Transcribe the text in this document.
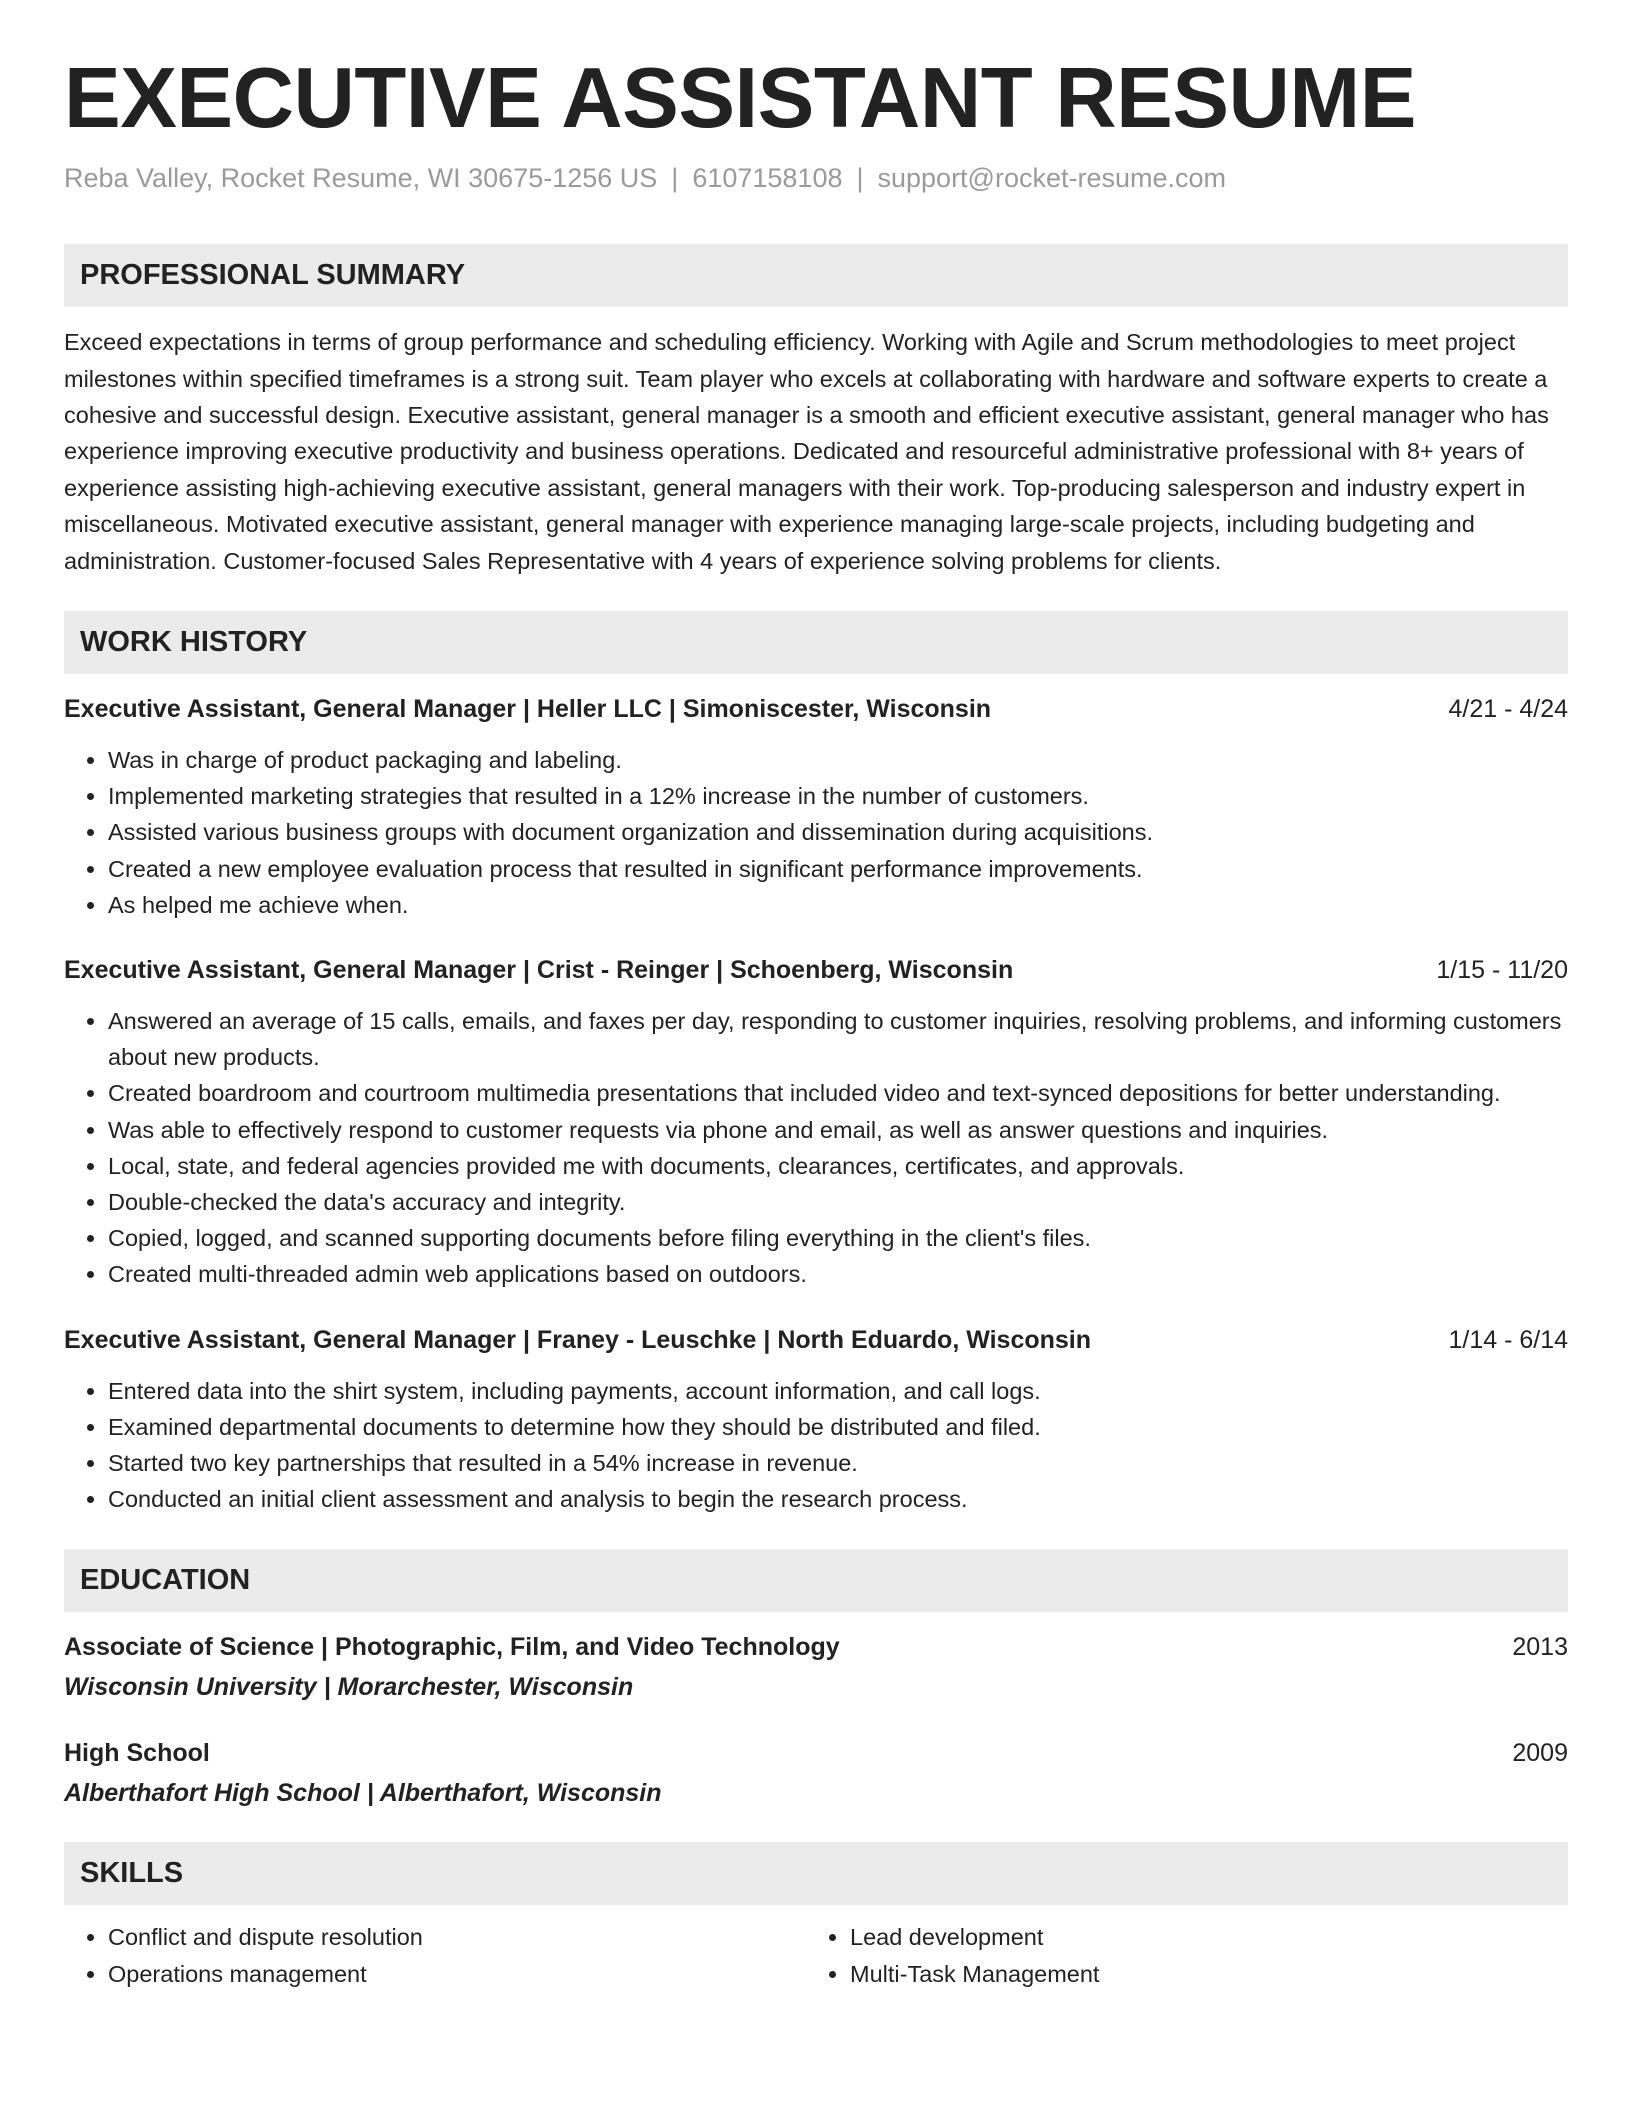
EXECUTIVE ASSISTANT RESUME
Reba Valley, Rocket Resume, WI 30675-1256 US | 6107158108 | support@rocket-resume.com
PROFESSIONAL SUMMARY

Exceed expectations in terms of group performance and scheduling efficiency. Working with Agile and Scrum methodologies to meet project milestones within specified timeframes is a strong suit. Team player who excels at collaborating with hardware and software experts to create a cohesive and successful design. Executive assistant, general manager is a smooth and efficient executive assistant, general manager who has experience improving executive productivity and business operations. Dedicated and resourceful administrative professional with 8+ years of experience assisting high-achieving executive assistant, general managers with their work. Top-producing salesperson and industry expert in miscellaneous. Motivated executive assistant, general manager with experience managing large-scale projects, including budgeting and administration. Customer-focused Sales Representative with 4 years of experience solving problems for clients.

WORK HISTORY
Executive Assistant, General Manager | Heller LLC | Simoniscester, Wisconsin	4/21 - 4/24
• Was in charge of product packaging and labeling.
• Implemented marketing strategies that resulted in a 12% increase in the number of customers.
• Assisted various business groups with document organization and dissemination during acquisitions.
• Created a new employee evaluation process that resulted in significant performance improvements.
• As helped me achieve when.
Executive Assistant, General Manager | Crist - Reinger | Schoenberg, Wisconsin	1/15 - 11/20
• Answered an average of 15 calls, emails, and faxes per day, responding to customer inquiries, resolving problems, and informing customers about new products.
• Created boardroom and courtroom multimedia presentations that included video and text-synced depositions for better understanding.
• Was able to effectively respond to customer requests via phone and email, as well as answer questions and inquiries.
• Local, state, and federal agencies provided me with documents, clearances, certificates, and approvals.
• Double-checked the data's accuracy and integrity.
• Copied, logged, and scanned supporting documents before filing everything in the client's files.
• Created multi-threaded admin web applications based on outdoors.
Executive Assistant, General Manager | Franey - Leuschke | North Eduardo, Wisconsin	1/14 - 6/14
• Entered data into the shirt system, including payments, account information, and call logs.
• Examined departmental documents to determine how they should be distributed and filed.
• Started two key partnerships that resulted in a 54% increase in revenue.
• Conducted an initial client assessment and analysis to begin the research process.
EDUCATION
Associate of Science | Photographic, Film, and Video Technology	2013
Wisconsin University | Morarchester, Wisconsin
High School	2009
Alberthafort High School | Alberthafort, Wisconsin
SKILLS
• Conflict and dispute resolution
• Operations management
• Lead development
• Multi-Task Management
